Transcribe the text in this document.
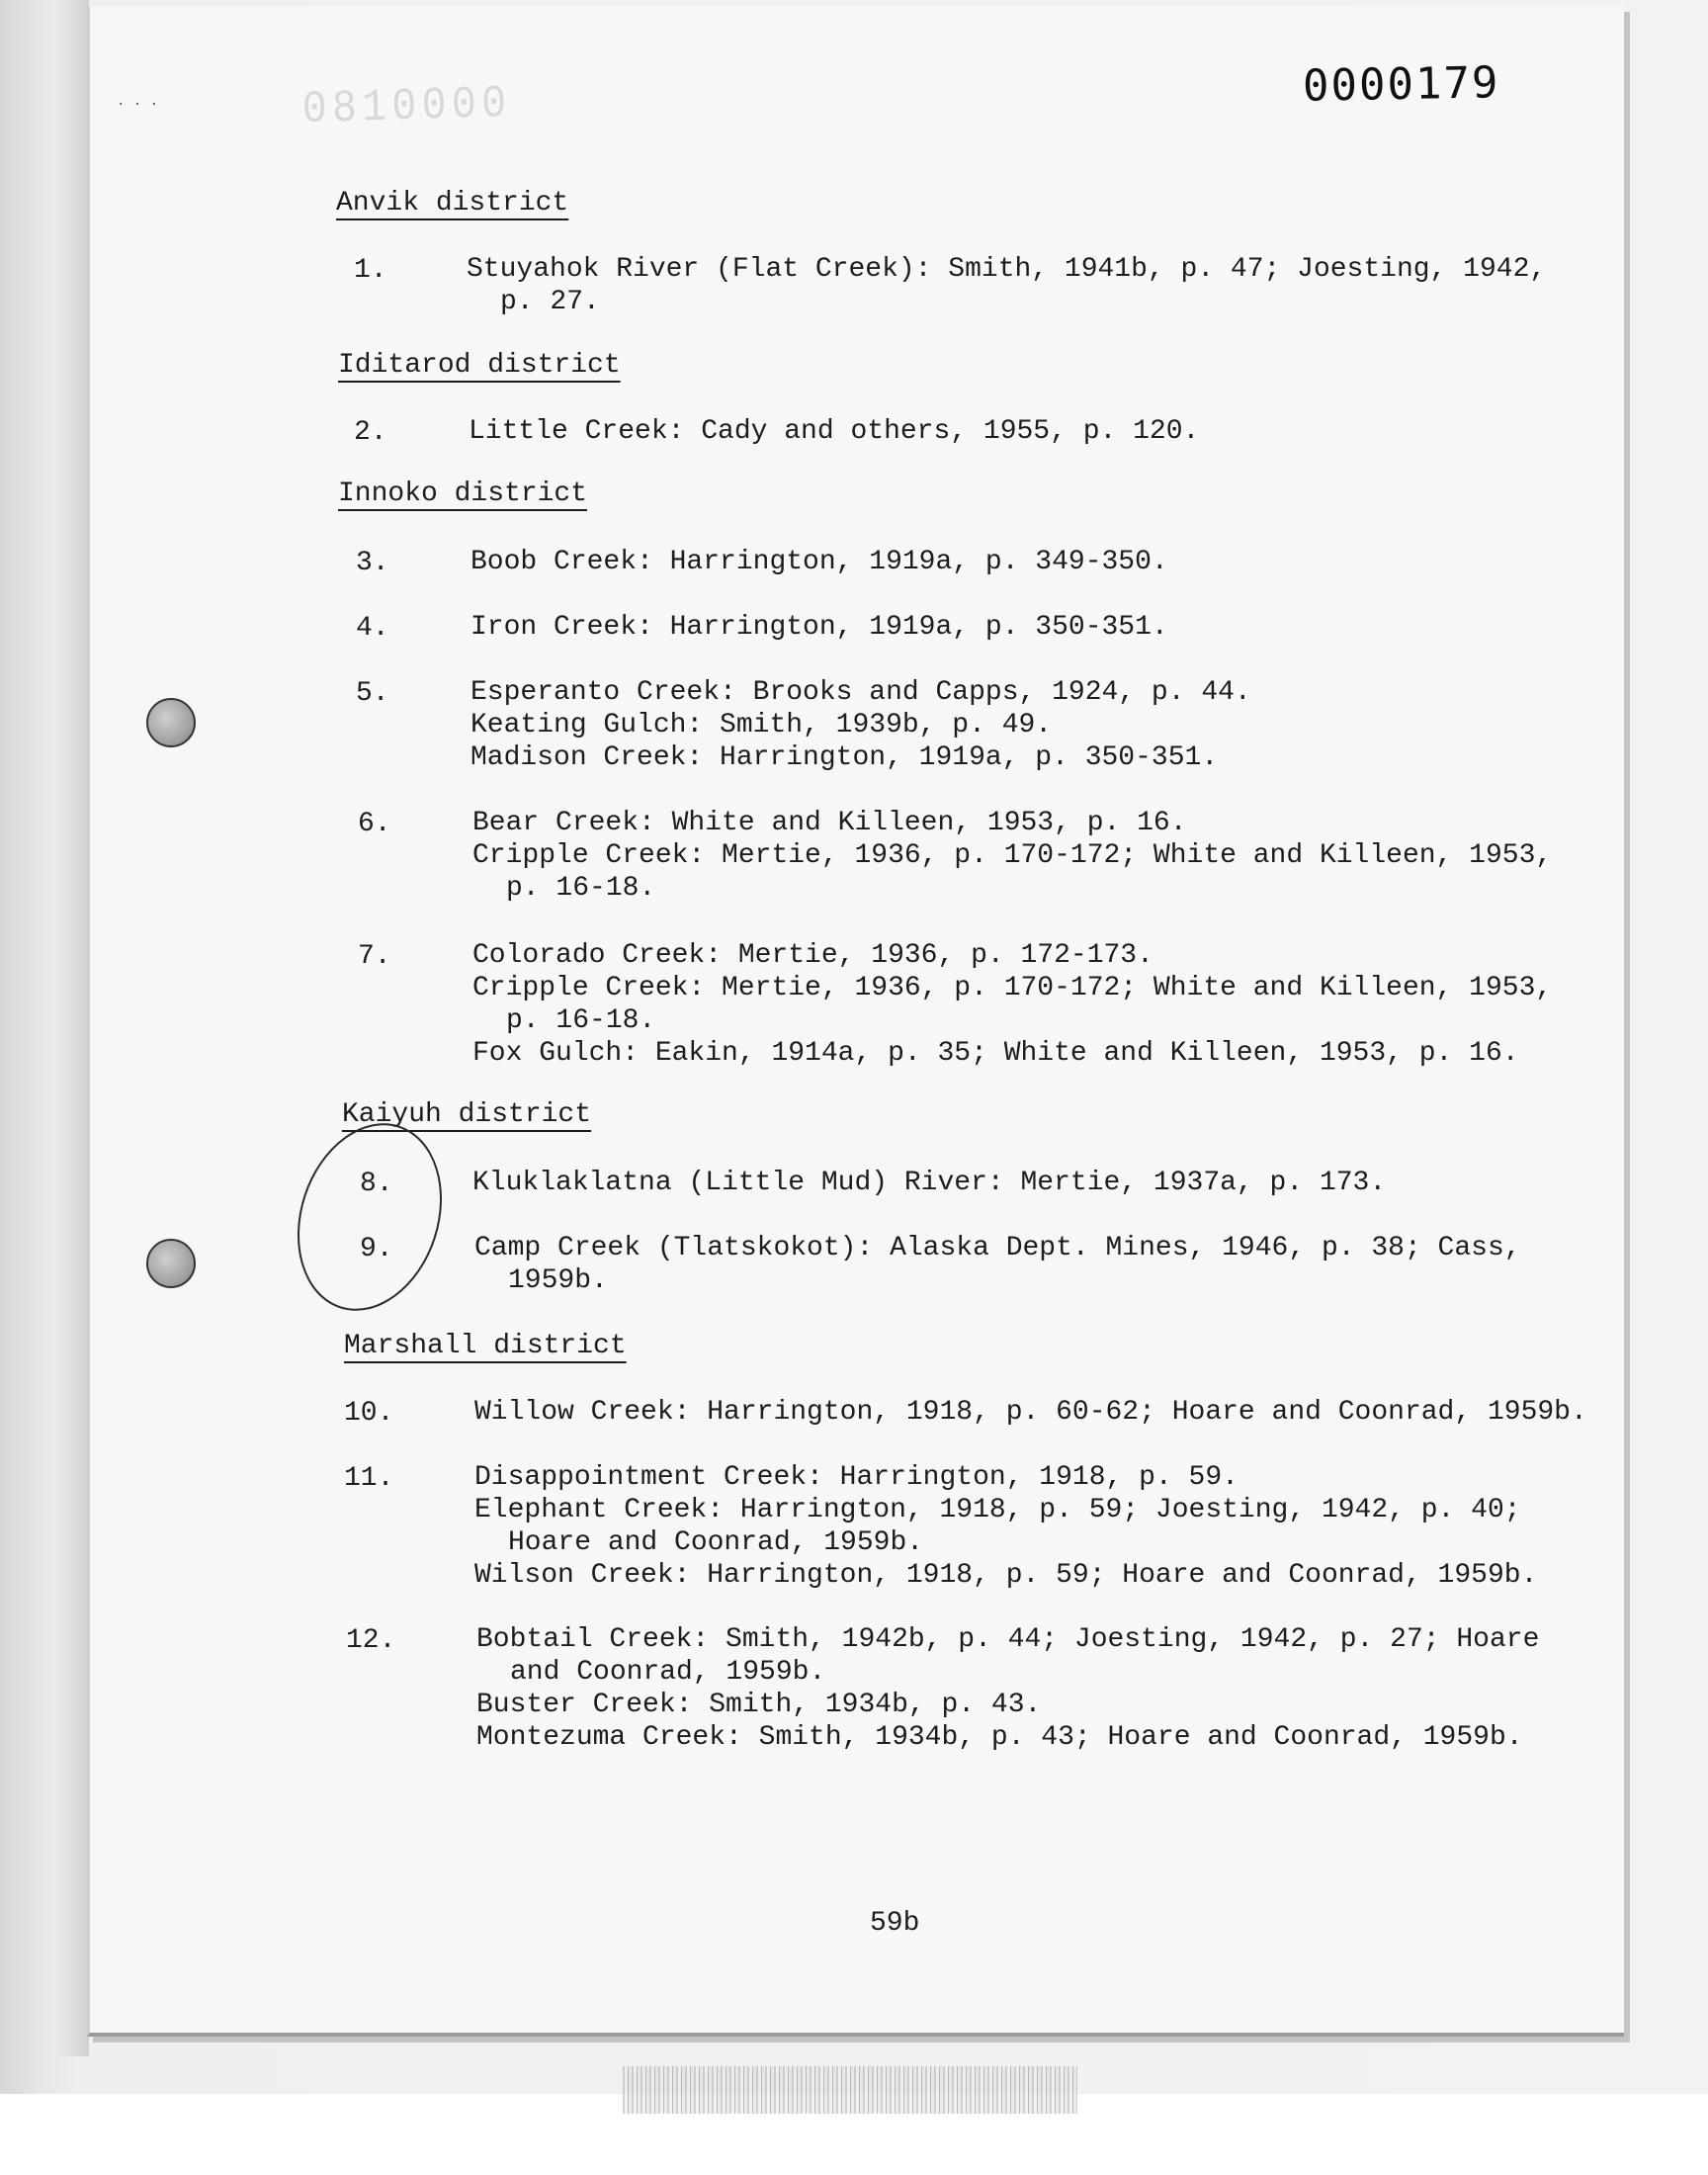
0000179
0810000
Anvik district
1.	Stuyahok River (Flat Creek): Smith, 1941b, p. 47; Joesting, 1942,
p. 27.
Iditarod district
2.	Little Creek: Cady and others, 1955, p. 120.
Innoko district
3.	Boob Creek: Harrington, 1919a, p. 349-350.
4.	Iron Creek: Harrington, 1919a, p. 350-351.
5.	Esperanto Creek: Brooks and Capps, 1924, p. 44.
Keating Gulch: Smith, 1939b, p. 49.
Madison Creek: Harrington, 1919a, p. 350-351.
6.	Bear Creek: White and Killeen, 1953, p. 16.
Cripple Creek: Mertie, 1936, p. 170-172; White and Killeen, 1953,
p. 16-18.
7.	Colorado Creek: Mertie, 1936, p. 172-173.
Cripple Creek: Mertie, 1936, p. 170-172; White and Killeen, 1953,
p. 16-18.
Fox Gulch: Eakin, 1914a, p. 35; White and Killeen, 1953, p. 16.
Kaiyuh district
8.	Kluklaklatna (Little Mud) River: Mertie, 1937a, p. 173.
9.	Camp Creek (Tlatskokot): Alaska Dept. Mines, 1946, p. 38; Cass,
1959b.
Marshall district
10.	Willow Creek: Harrington, 1918, p. 60-62; Hoare and Coonrad, 1959b.
11.	Disappointment Creek: Harrington, 1918, p. 59.
Elephant Creek: Harrington, 1918, p. 59; Joesting, 1942, p. 40;
Hoare and Coonrad, 1959b.
Wilson Creek: Harrington, 1918, p. 59; Hoare and Coonrad, 1959b.
12.	Bobtail Creek: Smith, 1942b, p. 44; Joesting, 1942, p. 27; Hoare
and Coonrad, 1959b.
Buster Creek: Smith, 1934b, p. 43.
Montezuma Creek: Smith, 1934b, p. 43; Hoare and Coonrad, 1959b.
59b
